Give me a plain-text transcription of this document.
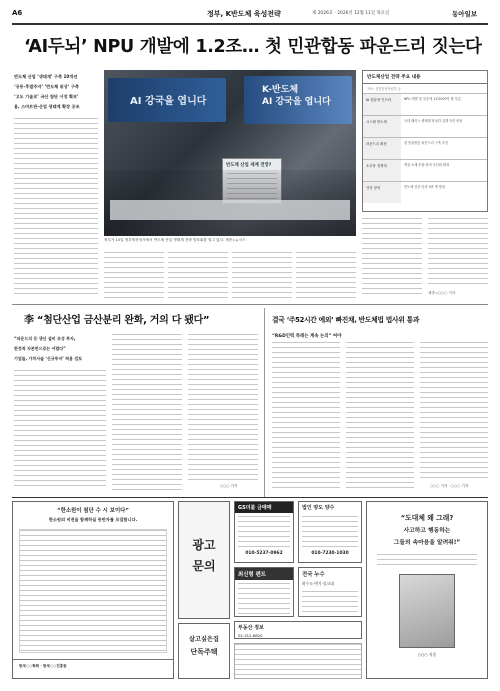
A6	정부, K반도체 육성전략	제 2026호 · 2026년 12월 11일 목요일	동아일보
‘AI두뇌’ NPU 개발에 1.2조… 첫 민관합동 파운드리 짓는다
반도체 산업 ‘생태계’ 구축 10개년
‘공동·후발주자’ ‘반도체 위상’ 구축
‘고도 기술로’ 국산 첨단 시장 확보’
용, 스마트판·산업 생태계 확장 공조	AI 강국을 엽니다
K-반도체
AI 강국을 엽니다
반도체 산업 세계 전망?
정부가 10일 정부세종청사에서 반도체 산업 생태계 전략 발표회를 열고 있다. 세종=뉴시스
반도체산업 전략 주요 내용
자료: 산업통상자원부 등
AI 컴퓨팅 인프라	NPU 개발 및 실증에 1조2000억 원 투입
시스템 반도체	국내 팹리스 생태계 육성과 설계 인력 양성
파운드리 확장	첫 민관합동 파운드리 구축 추진
소부장 경쟁력	핵심 소재·부품·장비 국산화 확대
인력 양성	반도체 전문 인력 5만 명 양성
세종=○○○ 기자
李 “첨단산업 금산분리 완화, 거의 다 됐다”
“파운드리 등 생산 설비 조성 투자,
한정적 자본만으로는 어렵다”
기업들, 가치사슬 ‘신규투자’ 허용 검토
○○○ 기자
결국 ‘주52시간 예외’ 빠진채, 반도체법 법사위 통과
“R&D인력 특례는 계속 논의” 여야
○○○ 기자 · ○○○ 기자
“한소원이 첨단 수 시 보이다”
한소원의 비전을 함께하실 동반자를 모집합니다.
한국○○학회 · 한국○○진흥원
광고
문의
GS더블 금매매
010-5237-0962
법인 양도 양수
010-7230-1030
최신형 렌트	전국 누수
하수도·변기·싱크대
부동산 정보
02-312-8820
살고싶은집
단독주택
“도대체 왜 그래?
사고하고 행동하는
그들의 속마음을 알려줘!”
○○○ 지음
